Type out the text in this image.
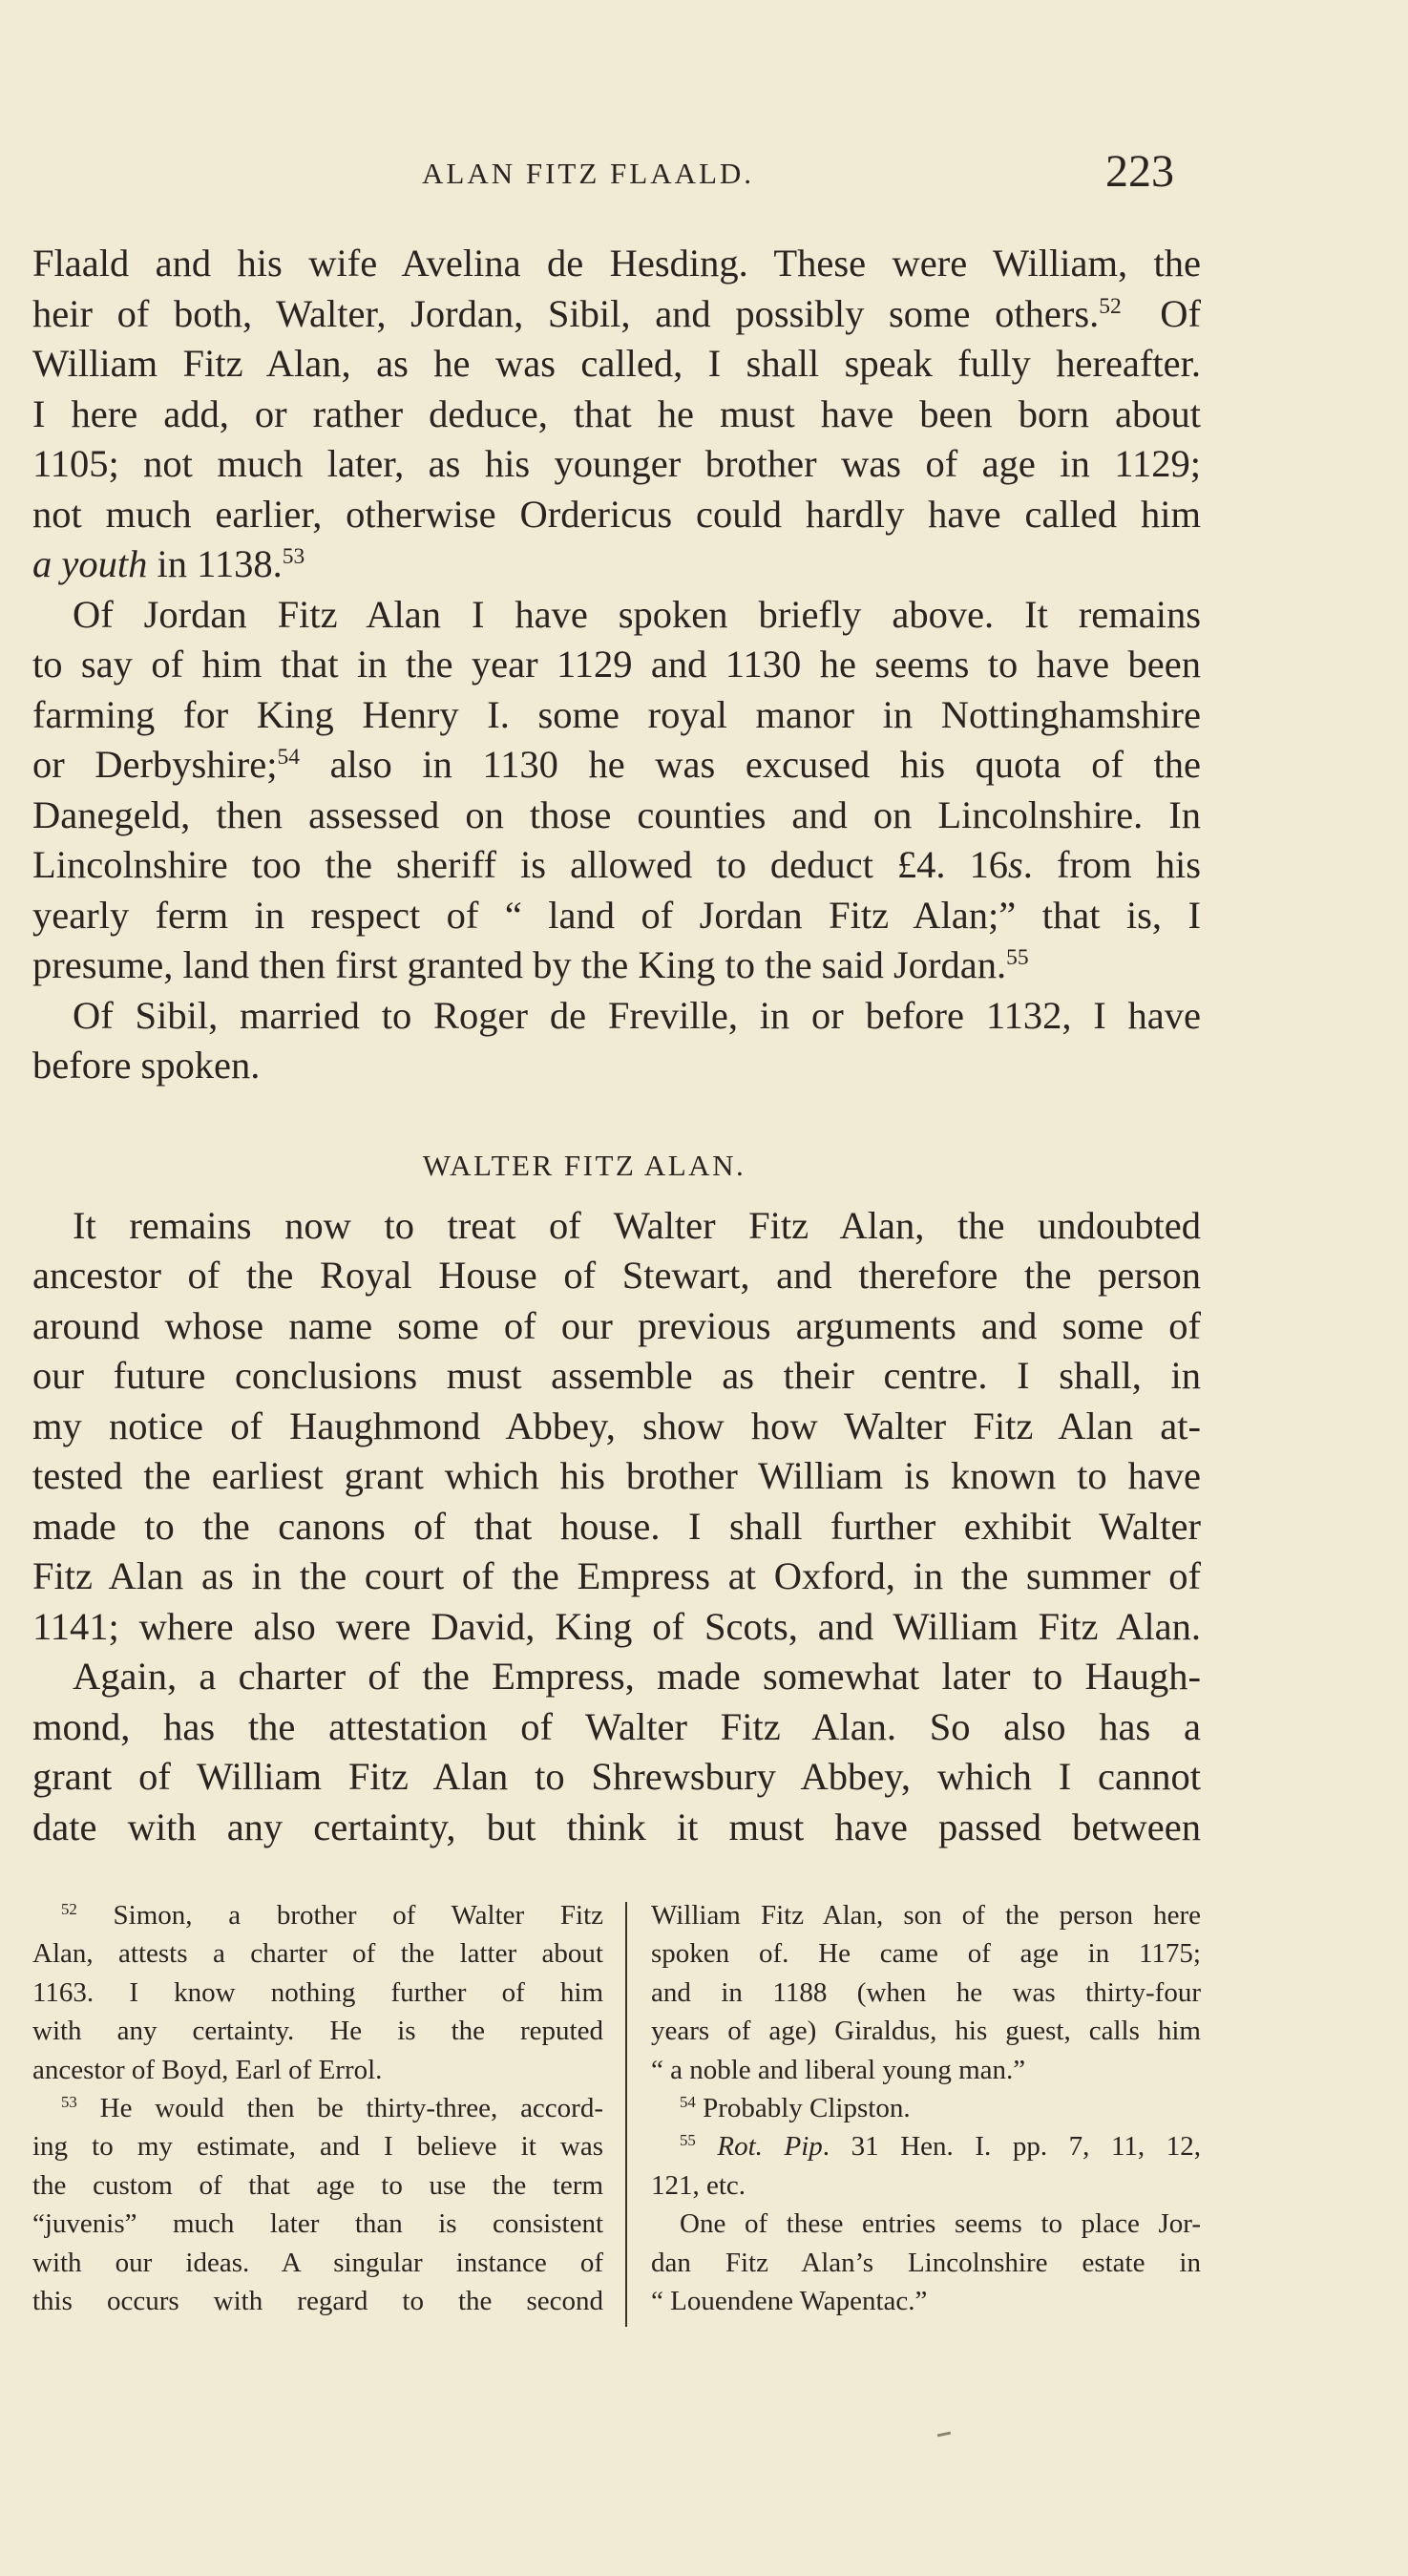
ALAN FITZ FLAALD.	223
Flaald and his wife Avelina de Hesding. These were William, the
heir of both, Walter, Jordan, Sibil, and possibly some others.$^{52}$  Of
William Fitz Alan, as he was called, I shall speak fully hereafter.
I here add, or rather deduce, that he must have been born about
1105; not much later, as his younger brother was of age in 1129;
not much earlier, otherwise Ordericus could hardly have called him
a youth in 1138.53
Of Jordan Fitz Alan I have spoken briefly above. It remains
to say of him that in the year 1129 and 1130 he seems to have been
farming for King Henry I. some royal manor in Nottinghamshire
or Derbyshire;$^{54}$ also in 1130 he was excused his quota of the
Danegeld, then assessed on those counties and on Lincolnshire. In
Lincolnshire too the sheriff is allowed to deduct £4. 16s. from his
yearly ferm in respect of “ land of Jordan Fitz Alan;” that is, I
presume, land then first granted by the King to the said Jordan.$^{55}$
Of Sibil, married to Roger de Freville, in or before 1132, I have
before spoken.
WALTER FITZ ALAN.
It remains now to treat of Walter Fitz Alan, the undoubted
ancestor of the Royal House of Stewart, and therefore the person
around whose name some of our previous arguments and some of
our future conclusions must assemble as their centre. I shall, in
my notice of Haughmond Abbey, show how Walter Fitz Alan at-
tested the earliest grant which his brother William is known to have
made to the canons of that house. I shall further exhibit Walter
Fitz Alan as in the court of the Empress at Oxford, in the summer of
1141; where also were David, King of Scots, and William Fitz Alan.
Again, a charter of the Empress, made somewhat later to Haugh-
mond, has the attestation of Walter Fitz Alan. So also has a
grant of William Fitz Alan to Shrewsbury Abbey, which I cannot
date with any certainty, but think it must have passed between
$^{52}$ Simon, a brother of Walter Fitz
Alan, attests a charter of the latter about
1163. I know nothing further of him
with any certainty. He is the reputed
ancestor of Boyd, Earl of Errol.
$^{53}$ He would then be thirty-three, accord-
ing to my estimate, and I believe it was
the custom of that age to use the term
“juvenis” much later than is consistent
with our ideas. A singular instance of
this occurs with regard to the second
William Fitz Alan, son of the person here
spoken of. He came of age in 1175;
and in 1188 (when he was thirty-four
years of age) Giraldus, his guest, calls him
“ a noble and liberal young man.”
$^{54}$ Probably Clipston.
$^{55}$ Rot. Pip. 31 Hen. I. pp. 7, 11, 12,
121, etc.
One of these entries seems to place Jor-
dan Fitz Alan’s Lincolnshire estate in
“ Louendene Wapentac.”
